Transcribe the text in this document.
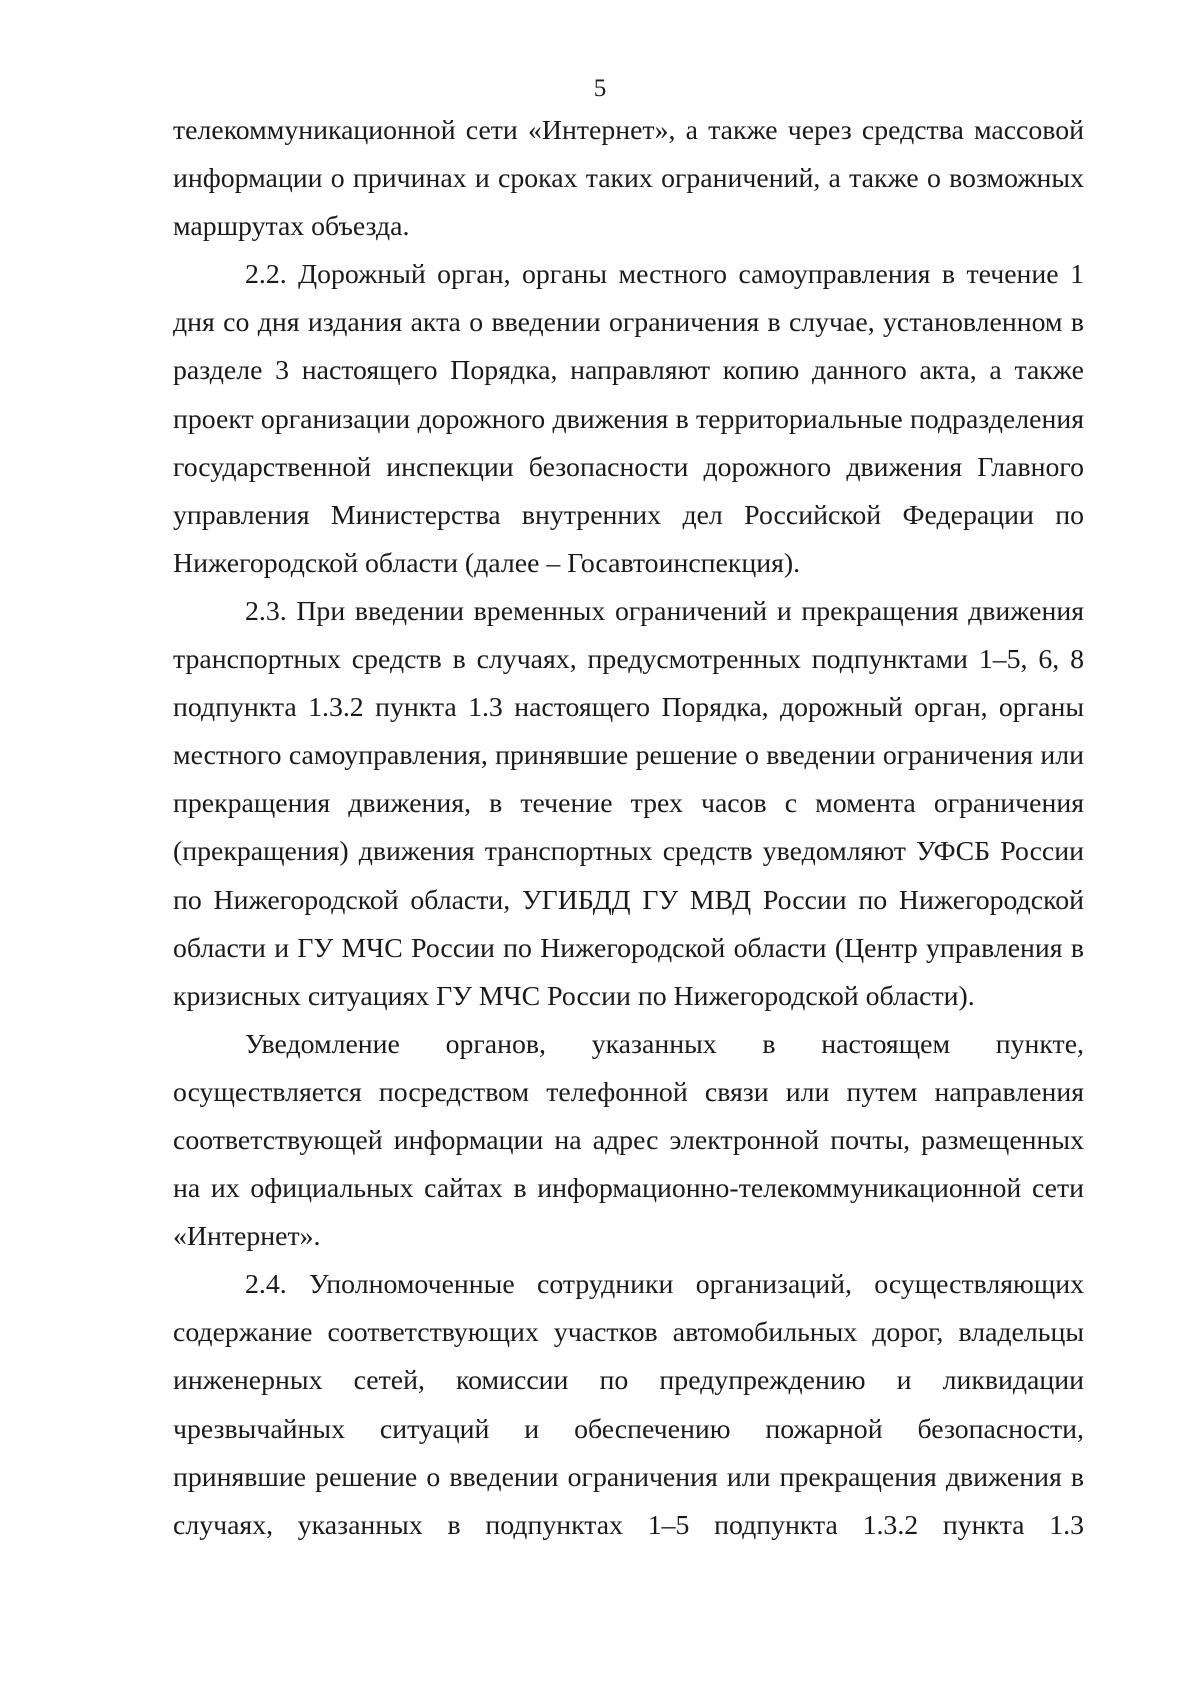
5

телекоммуникационной сети «Интернет», а также через средства массовой информации о причинах и сроках таких ограничений, а также о возможных маршрутах объезда.

2.2. Дорожный орган, органы местного самоуправления в течение 1 дня со дня издания акта о введении ограничения в случае, установленном в разделе 3 настоящего Порядка, направляют копию данного акта, а также проект организации дорожного движения в территориальные подразделения государственной инспекции безопасности дорожного движения Главного управления Министерства внутренних дел Российской Федерации по Нижегородской области (далее – Госавтоинспекция).

2.3. При введении временных ограничений и прекращения движения транспортных средств в случаях, предусмотренных подпунктами 1–5, 6, 8 подпункта 1.3.2 пункта 1.3 настоящего Порядка, дорожный орган, органы местного самоуправления, принявшие решение о введении ограничения или прекращения движения, в течение трех часов с момента ограничения (прекращения) движения транспортных средств уведомляют УФСБ России по Нижегородской области, УГИБДД ГУ МВД России по Нижегородской области и ГУ МЧС России по Нижегородской области (Центр управления в кризисных ситуациях ГУ МЧС России по Нижегородской области).

Уведомление органов, указанных в настоящем пункте, осуществляется посредством телефонной связи или путем направления соответствующей информации на адрес электронной почты, размещенных на их официальных сайтах в информационно-телекоммуникационной сети «Интернет».

2.4. Уполномоченные сотрудники организаций, осуществляющих содержание соответствующих участков автомобильных дорог, владельцы инженерных сетей, комиссии по предупреждению и ликвидации чрезвычайных ситуаций и обеспечению пожарной безопасности, принявшие решение о введении ограничения или прекращения движения в случаях, указанных в подпунктах 1–5 подпункта 1.3.2 пункта 1.3
